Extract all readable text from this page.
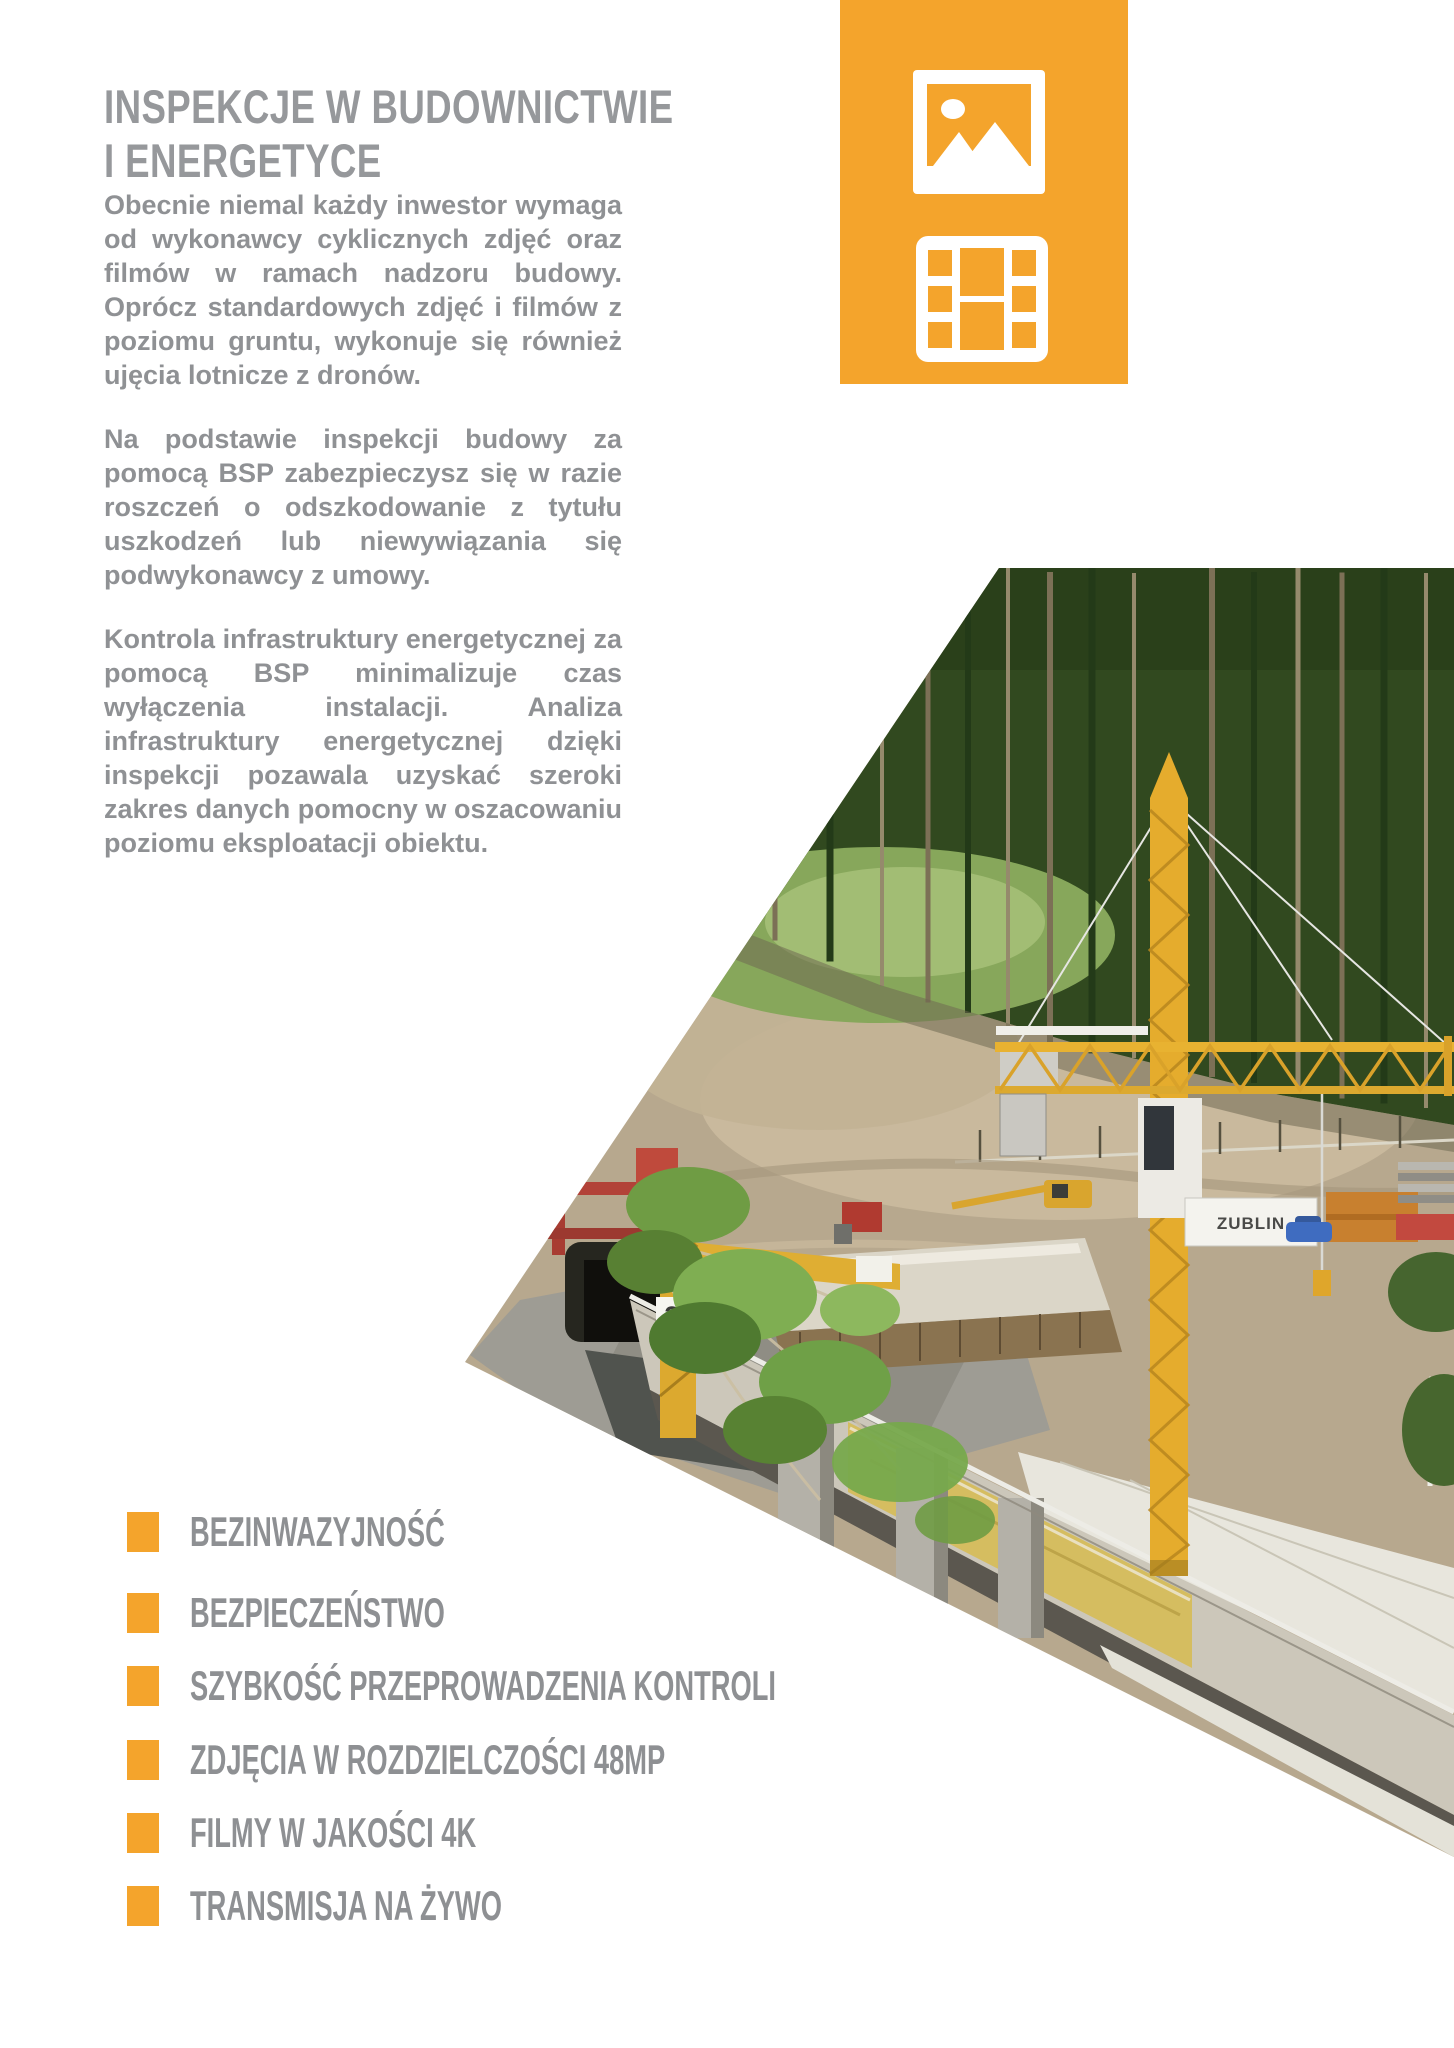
INSPEKCJE W BUDOWNICTWIE
I ENERGETYCE

Obecnie niemal każdy inwestor wymaga od wykonawcy cyklicznych zdjęć oraz filmów w ramach nadzoru budowy. Oprócz standardowych zdjęć i filmów z poziomu gruntu, wykonuje się również ujęcia lotnicze z dronów.

Na podstawie inspekcji budowy za pomocą BSP zabezpieczysz się w razie roszczeń o odszkodowanie z tytułu uszkodzeń lub niewywiązania się podwykonawcy z umowy.

Kontrola infrastruktury energetycznej za pomocą BSP minimalizuje czas wyłączenia instalacji. Analiza infrastruktury energetycznej dzięki inspekcji pozawala uzyskać szeroki zakres danych pomocny w oszacowaniu poziomu eksploatacji obiektu.

ZUBLIN
BEZINWAZYJNOŚĆ
BEZPIECZEŃSTWO
SZYBKOŚĆ PRZEPROWADZENIA KONTROLI
ZDJĘCIA W ROZDZIELCZOŚCI 48MP
FILMY W JAKOŚCI 4K
TRANSMISJA NA ŻYWO
